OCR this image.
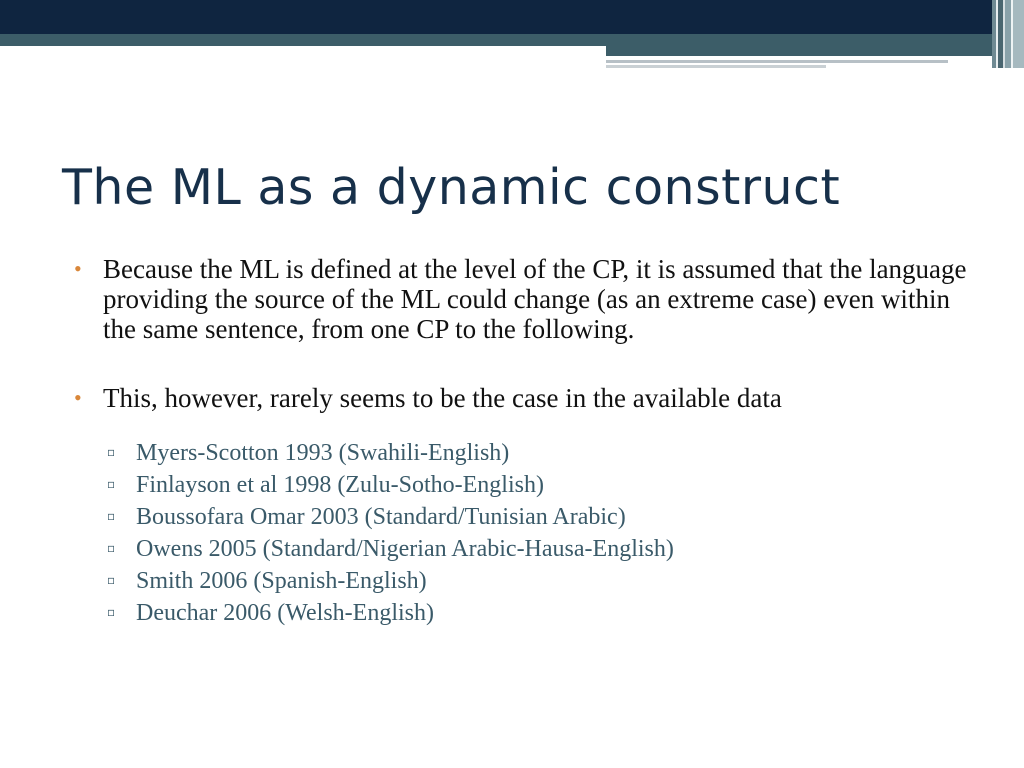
The ML as a dynamic construct

• Because the ML is defined at the level of the CP, it is assumed that the language providing the source of the ML could change (as an extreme case) even within the same sentence, from one CP to the following.

• This, however, rarely seems to be the case in the available data

▫ Myers-Scotton 1993 (Swahili-English)
▫ Finlayson et al 1998 (Zulu-Sotho-English)
▫ Boussofara Omar 2003 (Standard/Tunisian Arabic)
▫ Owens 2005 (Standard/Nigerian Arabic-Hausa-English)
▫ Smith 2006 (Spanish-English)
▫ Deuchar 2006 (Welsh-English)
